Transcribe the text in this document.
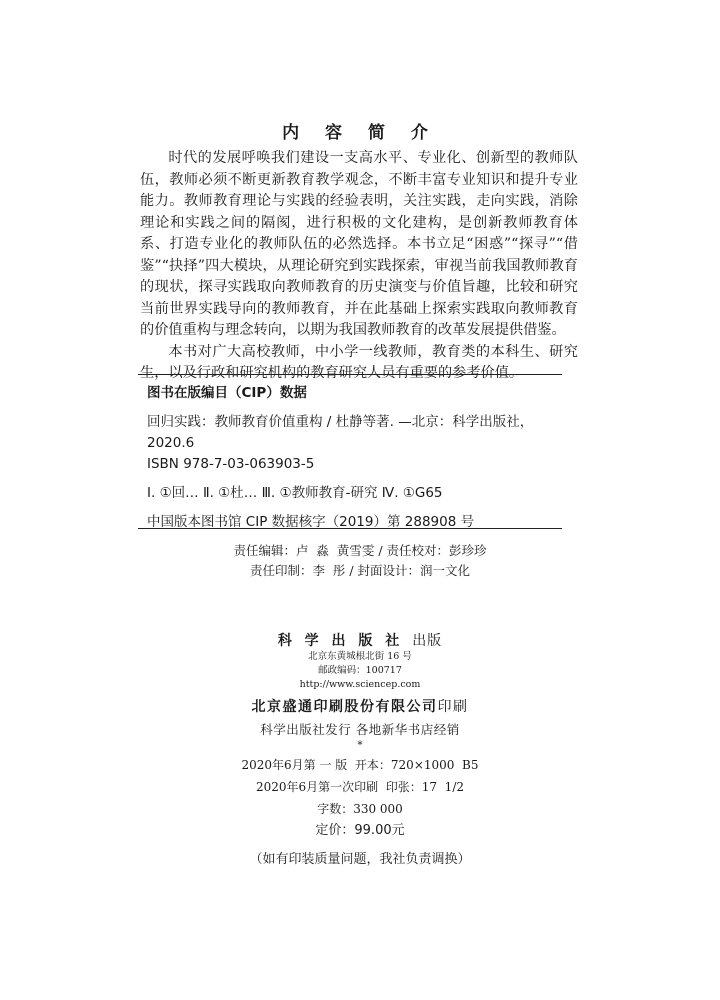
内 容 简 介

时代的发展呼唤我们建设一支高水平、专业化、创新型的教师队伍，教师必须不断更新教育教学观念，不断丰富专业知识和提升专业能力。教师教育理论与实践的经验表明，关注实践，走向实践，消除理论和实践之间的隔阂，进行积极的文化建构，是创新教师教育体系、打造专业化的教师队伍的必然选择。本书立足“困惑”“探寻”“借鉴”“抉择”四大模块，从理论研究到实践探索，审视当前我国教师教育的现状，探寻实践取向教师教育的历史演变与价值旨趣，比较和研究当前世界实践导向的教师教育，并在此基础上探索实践取向教师教育的价值重构与理念转向，以期为我国教师教育的改革发展提供借鉴。

本书对广大高校教师，中小学一线教师，教育类的本科生、研究生，以及行政和研究机构的教育研究人员有重要的参考价值。

图书在版编目（CIP）数据
回归实践：教师教育价值重构 / 杜静等著. —北京：科学出版社，
2020.6
ISBN 978-7-03-063903-5
Ⅰ. ①回… Ⅱ. ①杜… Ⅲ. ①教师教育-研究 Ⅳ. ①G65
中国版本图书馆 CIP 数据核字（2019）第 288908 号
责任编辑：卢  淼  黄雪雯 / 责任校对：彭珍珍
责任印制：李  彤 / 封面设计：润一文化
科 学 出 版 社 出版
北京东黄城根北街 16 号
邮政编码：100717
http://www.sciencep.com
北京盛通印刷股份有限公司印刷
科学出版社发行 各地新华书店经销
*
2020年6月第 一 版  开本：720×1000  B5
2020年6月第一次印刷  印张：17  1/2
字数：330 000
定价：99.00元
（如有印装质量问题，我社负责调换）
